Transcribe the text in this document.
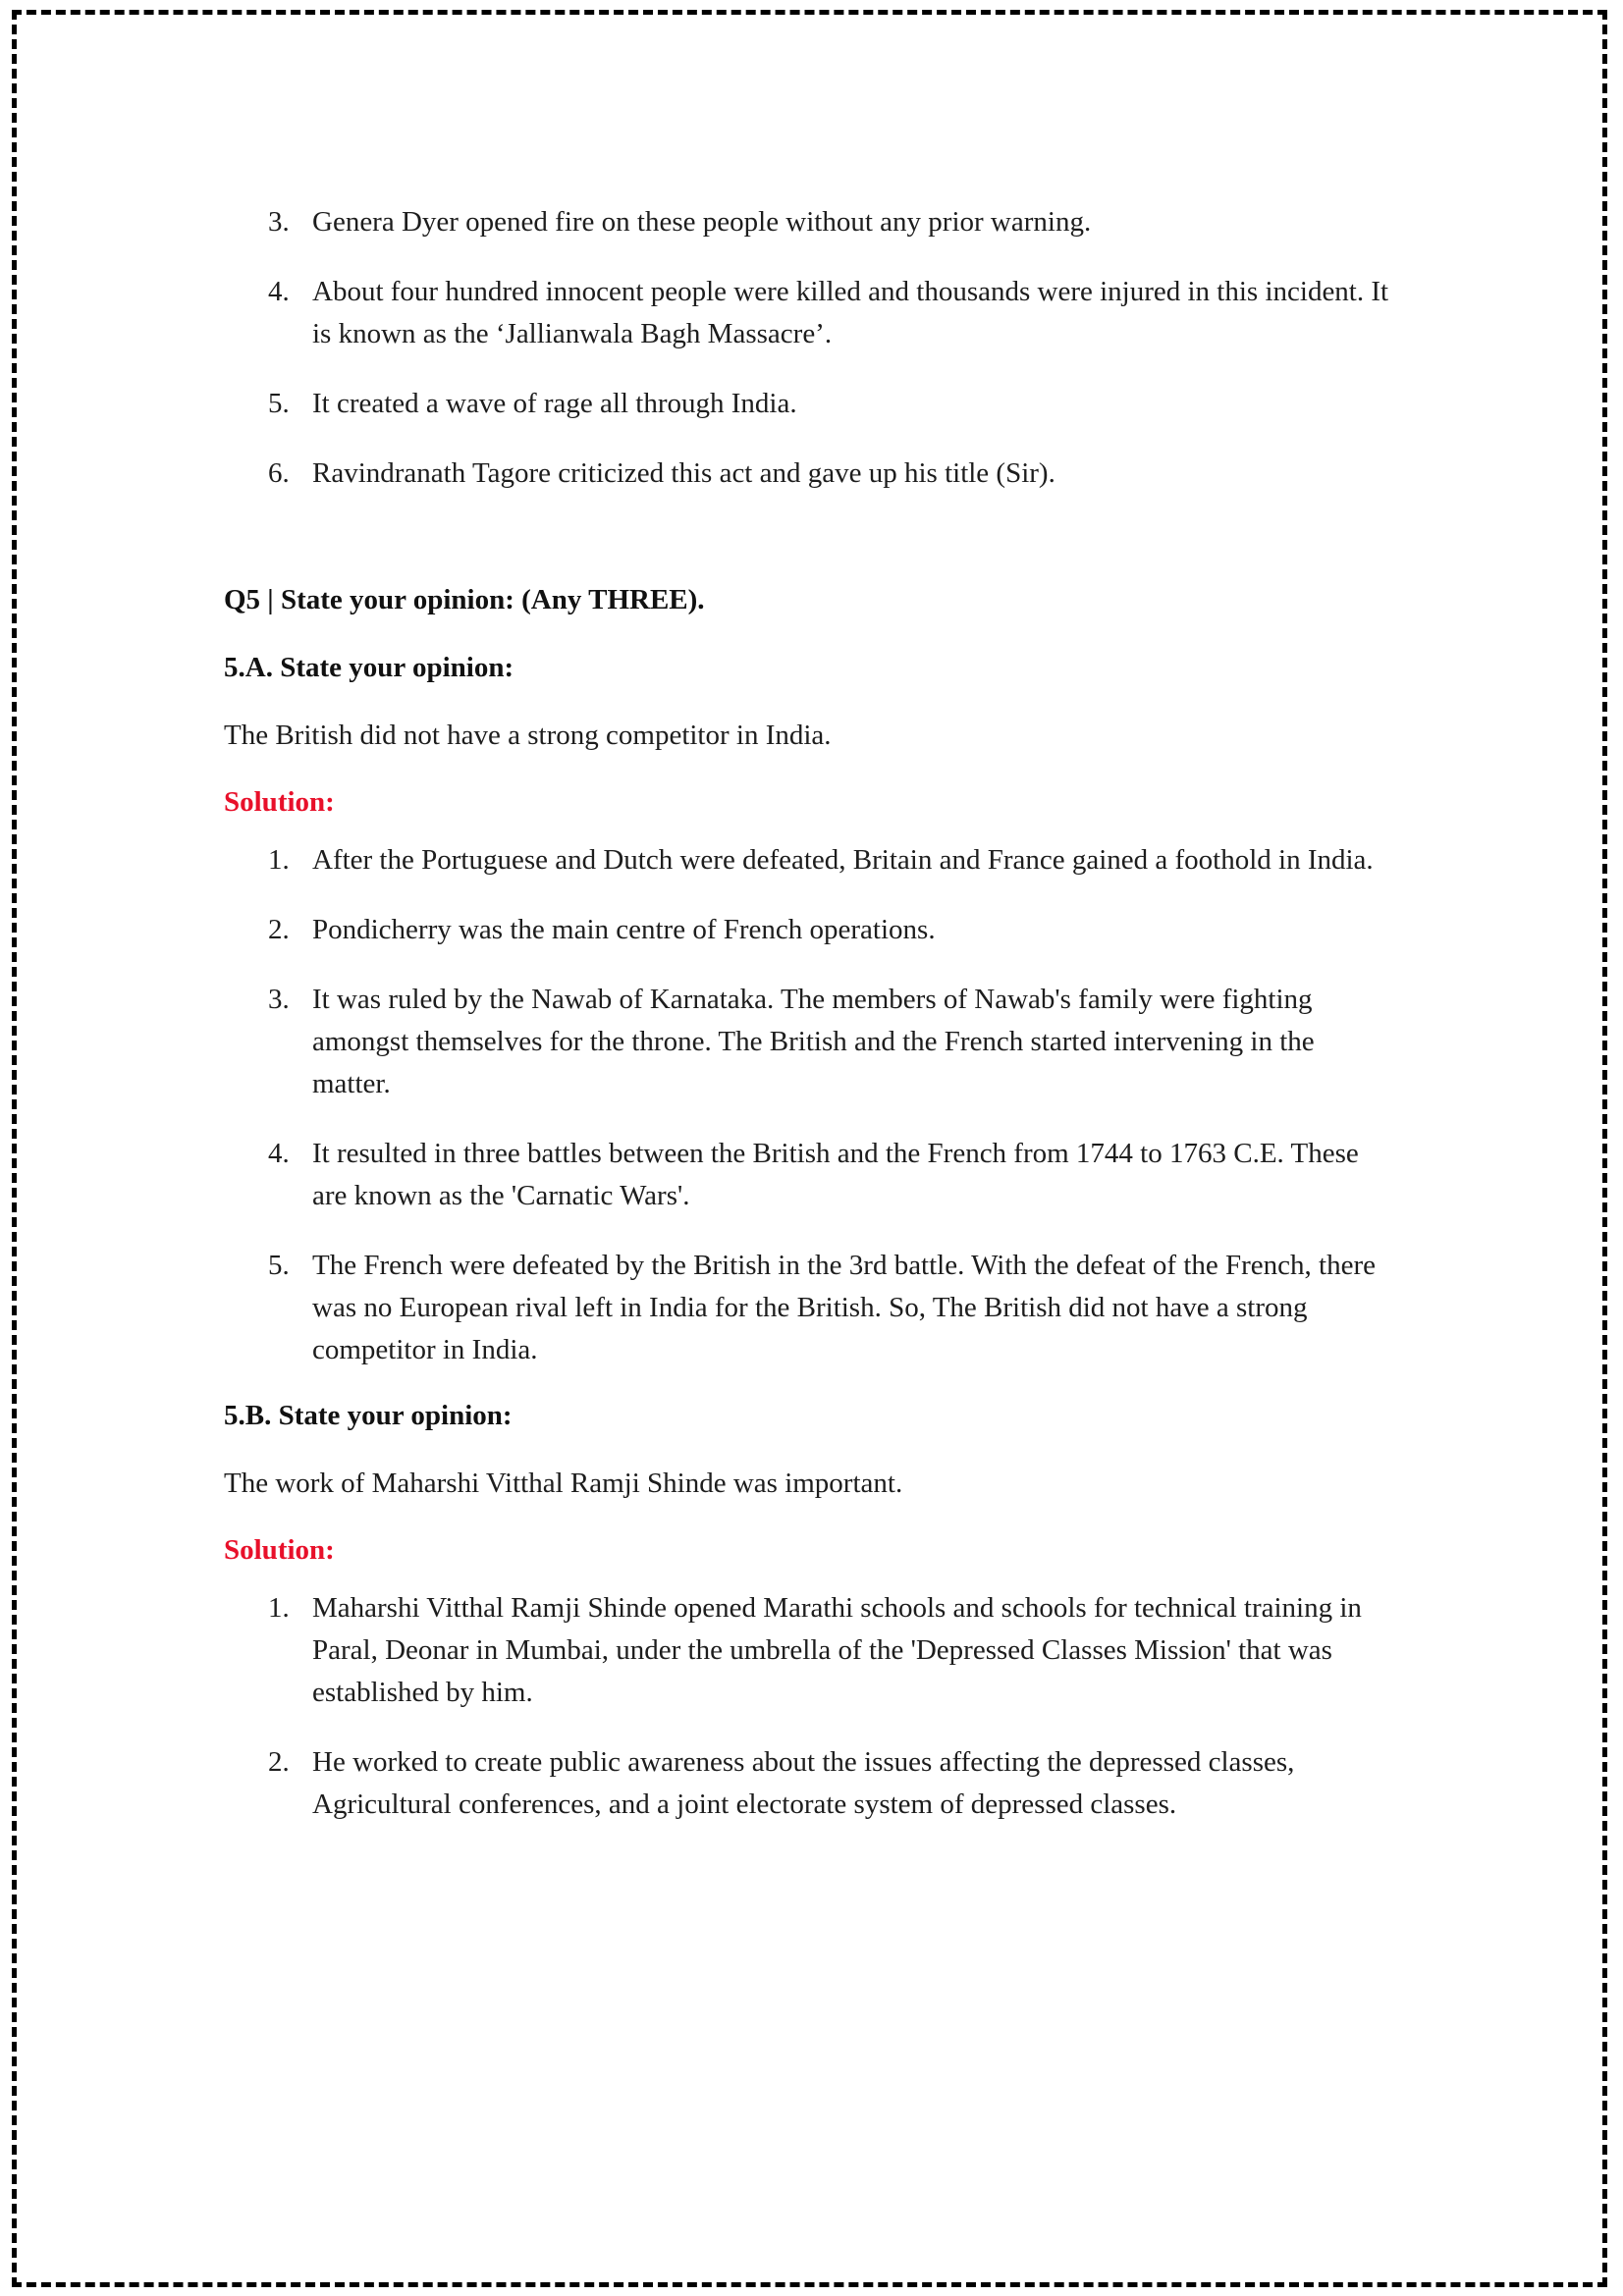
3. Genera Dyer opened fire on these people without any prior warning.
4. About four hundred innocent people were killed and thousands were injured in this incident. It is known as the ‘Jallianwala Bagh Massacre’.
5. It created a wave of rage all through India.
6. Ravindranath Tagore criticized this act and gave up his title (Sir).

Q5 | State your opinion: (Any THREE).

5.A. State your opinion:

The British did not have a strong competitor in India.

Solution:

1. After the Portuguese and Dutch were defeated, Britain and France gained a foothold in India.
2. Pondicherry was the main centre of French operations.
3. It was ruled by the Nawab of Karnataka. The members of Nawab's family were fighting amongst themselves for the throne. The British and the French started intervening in the matter.
4. It resulted in three battles between the British and the French from 1744 to 1763 C.E. These are known as the 'Carnatic Wars'.
5. The French were defeated by the British in the 3rd battle. With the defeat of the French, there was no European rival left in India for the British. So, The British did not have a strong competitor in India.

5.B. State your opinion:

The work of Maharshi Vitthal Ramji Shinde was important.

Solution:

1. Maharshi Vitthal Ramji Shinde opened Marathi schools and schools for technical training in Paral, Deonar in Mumbai, under the umbrella of the 'Depressed Classes Mission' that was established by him.
2. He worked to create public awareness about the issues affecting the depressed classes, Agricultural conferences, and a joint electorate system of depressed classes.
